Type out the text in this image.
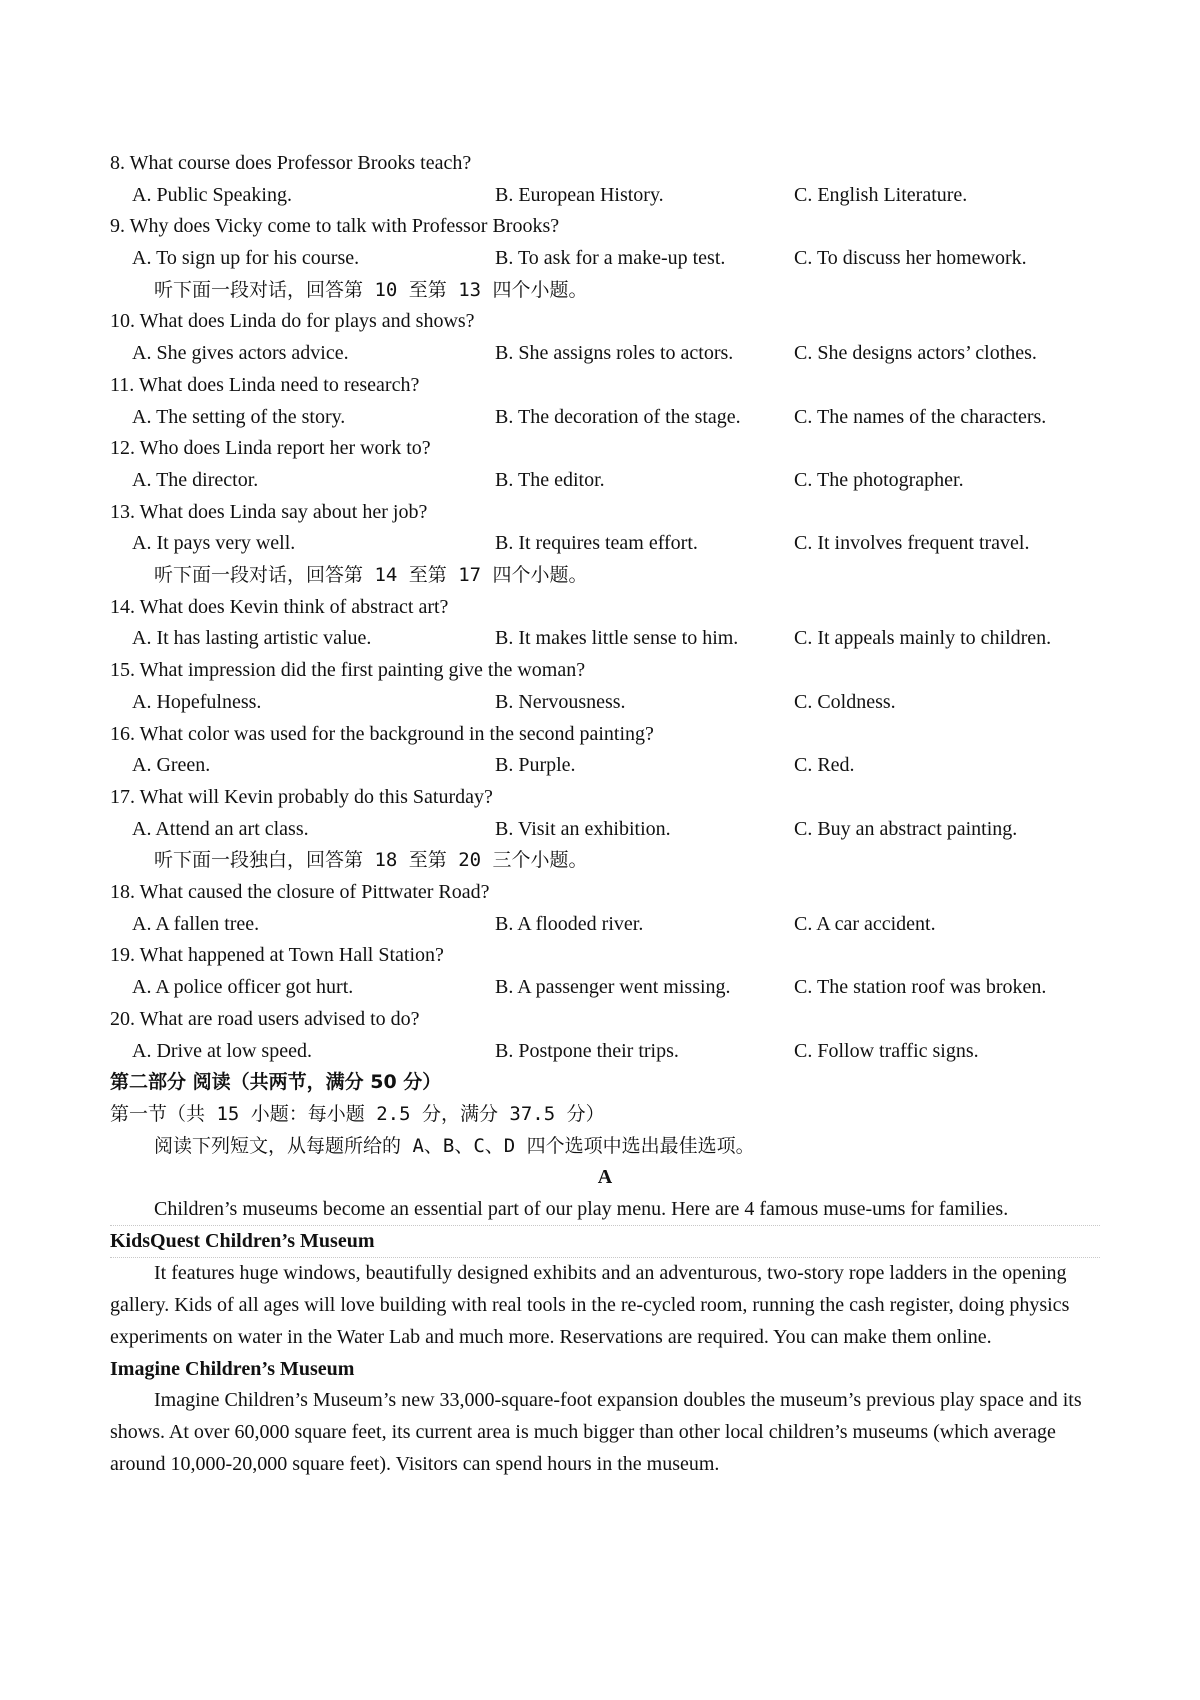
8. What course does Professor Brooks teach?
A. Public Speaking.	B. European History.	C. English Literature.
9. Why does Vicky come to talk with Professor Brooks?
A. To sign up for his course.	B. To ask for a make-up test.	C. To discuss her homework.
听下面一段对话，回答第 10 至第 13 四个小题。
10. What does Linda do for plays and shows?
A. She gives actors advice.	B. She assigns roles to actors.	C. She designs actors’ clothes.
11. What does Linda need to research?
A. The setting of the story.	B. The decoration of the stage.	C. The names of the characters.
12. Who does Linda report her work to?
A. The director.	B. The editor.	C. The photographer.
13. What does Linda say about her job?
A. It pays very well.	B. It requires team effort.	C. It involves frequent travel.
听下面一段对话，回答第 14 至第 17 四个小题。
14. What does Kevin think of abstract art?
A. It has lasting artistic value.	B. It makes little sense to him.	C. It appeals mainly to children.
15. What impression did the first painting give the woman?
A. Hopefulness.	B. Nervousness.	C. Coldness.
16. What color was used for the background in the second painting?
A. Green.	B. Purple.	C. Red.
17. What will Kevin probably do this Saturday?
A. Attend an art class.	B. Visit an exhibition.	C. Buy an abstract painting.
听下面一段独白，回答第 18 至第 20 三个小题。
18. What caused the closure of Pittwater Road?
A. A fallen tree.	B. A flooded river.	C. A car accident.
19. What happened at Town Hall Station?
A. A police officer got hurt.	B. A passenger went missing.	C. The station roof was broken.
20. What are road users advised to do?
A. Drive at low speed.	B. Postpone their trips.	C. Follow traffic signs.
第二部分 阅读（共两节，满分 50 分）
第一节（共 15 小题：每小题 2.5 分，满分 37.5 分）
阅读下列短文，从每题所给的 A、B、C、D 四个选项中选出最佳选项。
A
Children’s museums become an essential part of our play menu. Here are 4 famous muse-ums for families.
KidsQuest Children’s Museum
It features huge windows, beautifully designed exhibits and an adventurous, two-story rope ladders in the opening gallery. Kids of all ages will love building with real tools in the re-cycled room, running the cash register, doing physics experiments on water in the Water Lab and much more. Reservations are required. You can make them online.
Imagine Children’s Museum
Imagine Children’s Museum’s new 33,000-square-foot expansion doubles the museum’s previous play space and its shows. At over 60,000 square feet, its current area is much bigger than other local children’s museums (which average around 10,000-20,000 square feet). Visitors can spend hours in the museum.
